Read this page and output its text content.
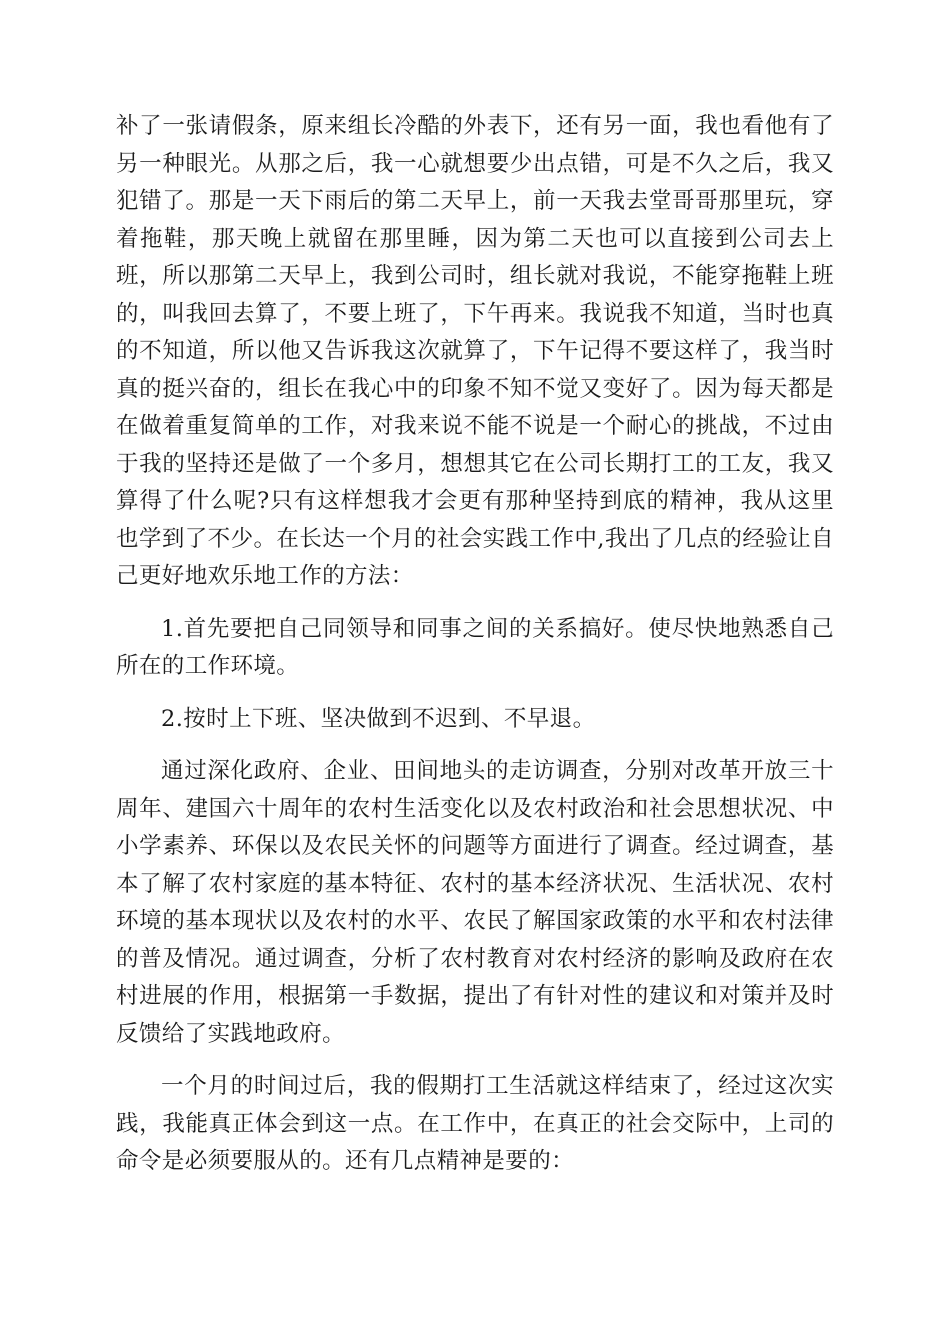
补了一张请假条，原来组长冷酷的外表下，还有另一面，我也看他有了另一种眼光。从那之后，我一心就想要少出点错，可是不久之后，我又犯错了。那是一天下雨后的第二天早上，前一天我去堂哥哥那里玩，穿着拖鞋，那天晚上就留在那里睡，因为第二天也可以直接到公司去上班，所以那第二天早上，我到公司时，组长就对我说，不能穿拖鞋上班的，叫我回去算了，不要上班了，下午再来。我说我不知道，当时也真的不知道，所以他又告诉我这次就算了，下午记得不要这样了，我当时真的挺兴奋的，组长在我心中的印象不知不觉又变好了。因为每天都是在做着重复简单的工作，对我来说不能不说是一个耐心的挑战，不过由于我的坚持还是做了一个多月，想想其它在公司长期打工的工友，我又算得了什么呢?只有这样想我才会更有那种坚持到底的精神，我从这里也学到了不少。在长达一个月的社会实践工作中,我出了几点的经验让自己更好地欢乐地工作的方法：

1.首先要把自己同领导和同事之间的关系搞好。使尽快地熟悉自己所在的工作环境。

2.按时上下班、坚决做到不迟到、不早退。

通过深化政府、企业、田间地头的走访调查，分别对改革开放三十周年、建国六十周年的农村生活变化以及农村政治和社会思想状况、中小学素养、环保以及农民关怀的问题等方面进行了调查。经过调查，基本了解了农村家庭的基本特征、农村的基本经济状况、生活状况、农村环境的基本现状以及农村的水平、农民了解国家政策的水平和农村法律的普及情况。通过调查，分析了农村教育对农村经济的影响及政府在农村进展的作用，根据第一手数据，提出了有针对性的建议和对策并及时反馈给了实践地政府。

一个月的时间过后，我的假期打工生活就这样结束了，经过这次实践，我能真正体会到这一点。在工作中，在真正的社会交际中，上司的命令是必须要服从的。还有几点精神是要的：
